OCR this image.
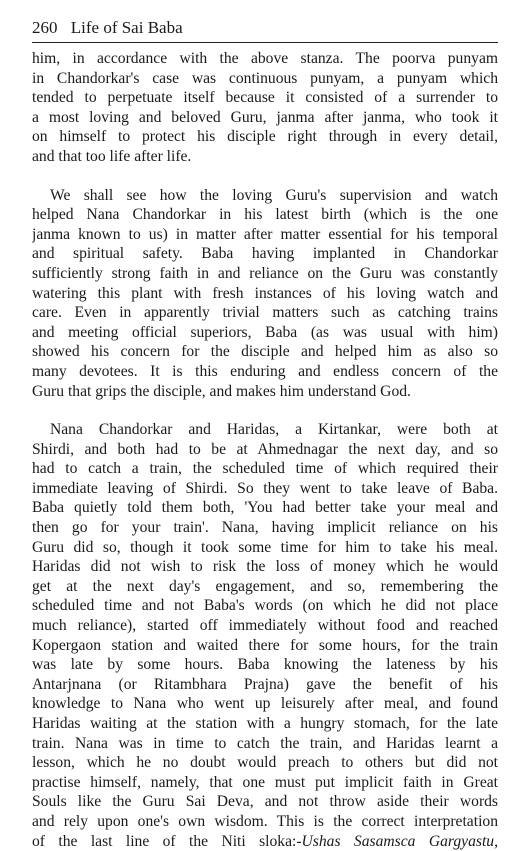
260 Life of Sai Baba
him, in accordance with the above stanza. The poorva punyam
in Chandorkar's case was continuous punyam, a punyam which
tended to perpetuate itself because it consisted of a surrender to
a most loving and beloved Guru, janma after janma, who took it
on himself to protect his disciple right through in every detail,
and that too life after life.
We shall see how the loving Guru's supervision and watch
helped Nana Chandorkar in his latest birth (which is the one
janma known to us) in matter after matter essential for his temporal
and spiritual safety. Baba having implanted in Chandorkar
sufficiently strong faith in and reliance on the Guru was constantly
watering this plant with fresh instances of his loving watch and
care. Even in apparently trivial matters such as catching trains
and meeting official superiors, Baba (as was usual with him)
showed his concern for the disciple and helped him as also so
many devotees. It is this enduring and endless concern of the
Guru that grips the disciple, and makes him understand God.
Nana Chandorkar and Haridas, a Kirtankar, were both at
Shirdi, and both had to be at Ahmednagar the next day, and so
had to catch a train, the scheduled time of which required their
immediate leaving of Shirdi. So they went to take leave of Baba.
Baba quietly told them both, 'You had better take your meal and
then go for your train'. Nana, having implicit reliance on his
Guru did so, though it took some time for him to take his meal.
Haridas did not wish to risk the loss of money which he would
get at the next day's engagement, and so, remembering the
scheduled time and not Baba's words (on which he did not place
much reliance), started off immediately without food and reached
Kopergaon station and waited there for some hours, for the train
was late by some hours. Baba knowing the lateness by his
Antarjnana (or Ritambhara Prajna) gave the benefit of his
knowledge to Nana who went up leisurely after meal, and found
Haridas waiting at the station with a hungry stomach, for the late
train. Nana was in time to catch the train, and Haridas learnt a
lesson, which he no doubt would preach to others but did not
practise himself, namely, that one must put implicit faith in Great
Souls like the Guru Sai Deva, and not throw aside their words
and rely upon one's own wisdom. This is the correct interpretation
of the last line of the Niti sloka:-Ushas Sasamsca Gargyastu,
